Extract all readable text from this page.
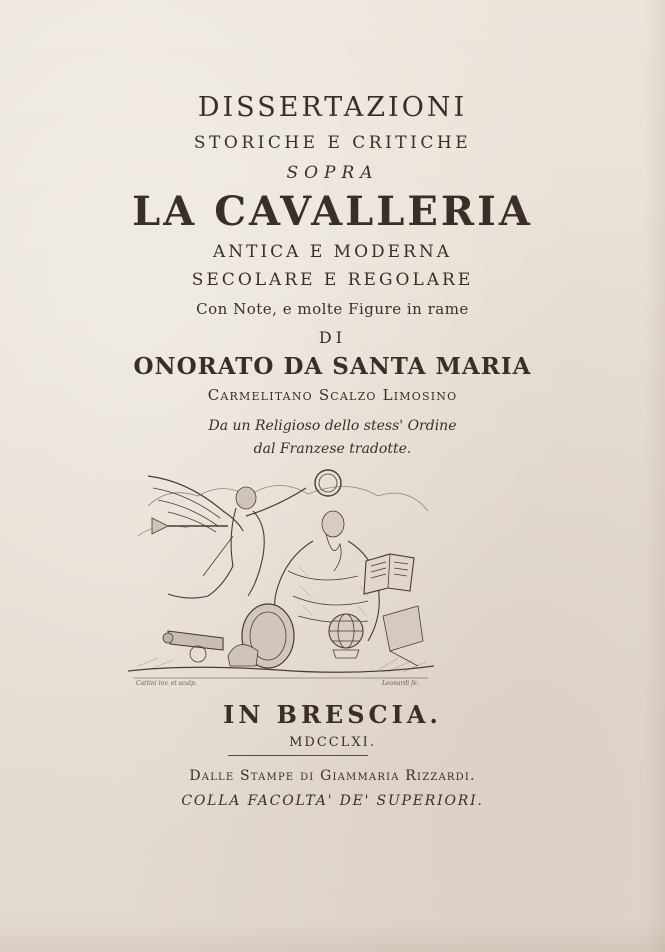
DISSERTAZIONI
STORICHE E CRITICHE
SOPRA
LA CAVALLERIA
ANTICA E MODERNA
SECOLARE E REGOLARE
Con Note, e molte Figure in rame
DI
ONORATO DA SANTA MARIA
Carmelitano Scalzo Limosino
Da un Religioso dello stess' Ordine
dal Franzese tradotte.
Cattini inv. et sculp.	Leonardi fe.
IN BRESCIA.
MDCCLXI.
Dalle Stampe di Giammaria Rizzardi.
COLLA FACOLTA' DE' SUPERIORI.
